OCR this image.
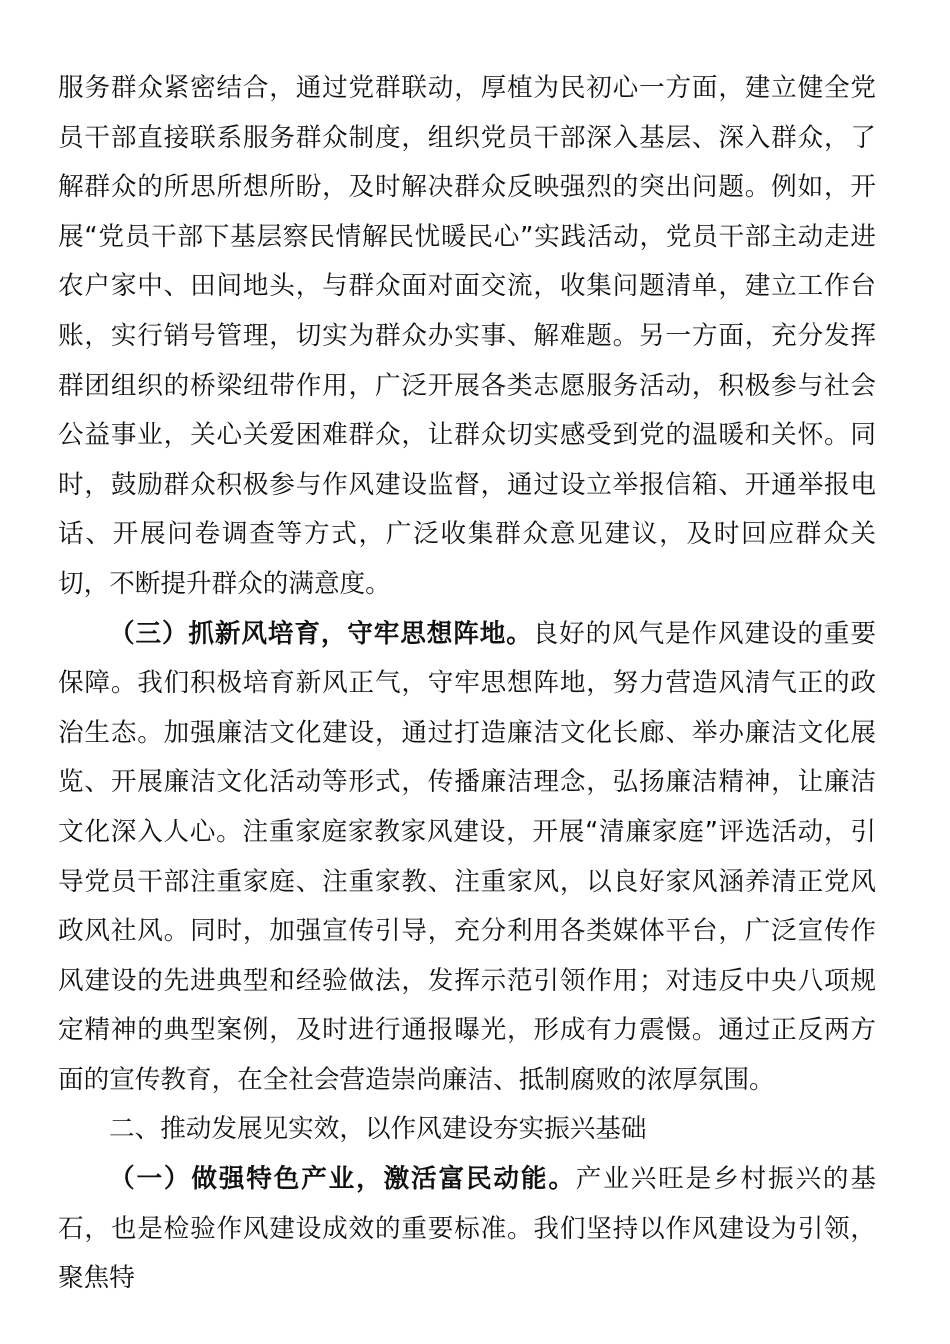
服务群众紧密结合，通过党群联动，厚植为民初心一方面，建立健全党员干部直接联系服务群众制度，组织党员干部深入基层、深入群众，了解群众的所思所想所盼，及时解决群众反映强烈的突出问题。例如，开展“党员干部下基层察民情解民忧暖民心”实践活动，党员干部主动走进农户家中、田间地头，与群众面对面交流，收集问题清单，建立工作台账，实行销号管理，切实为群众办实事、解难题。另一方面，充分发挥群团组织的桥梁纽带作用，广泛开展各类志愿服务活动，积极参与社会公益事业，关心关爱困难群众，让群众切实感受到党的温暖和关怀。同时，鼓励群众积极参与作风建设监督，通过设立举报信箱、开通举报电话、开展问卷调查等方式，广泛收集群众意见建议，及时回应群众关切，不断提升群众的满意度。

（三）抓新风培育，守牢思想阵地。良好的风气是作风建设的重要保障。我们积极培育新风正气，守牢思想阵地，努力营造风清气正的政治生态。加强廉洁文化建设，通过打造廉洁文化长廊、举办廉洁文化展览、开展廉洁文化活动等形式，传播廉洁理念，弘扬廉洁精神，让廉洁文化深入人心。注重家庭家教家风建设，开展“清廉家庭”评选活动，引导党员干部注重家庭、注重家教、注重家风，以良好家风涵养清正党风政风社风。同时，加强宣传引导，充分利用各类媒体平台，广泛宣传作风建设的先进典型和经验做法，发挥示范引领作用；对违反中央八项规定精神的典型案例，及时进行通报曝光，形成有力震慑。通过正反两方面的宣传教育，在全社会营造崇尚廉洁、抵制腐败的浓厚氛围。

二、推动发展见实效，以作风建设夯实振兴基础

（一）做强特色产业，激活富民动能。产业兴旺是乡村振兴的基石，也是检验作风建设成效的重要标准。我们坚持以作风建设为引领，聚焦特
